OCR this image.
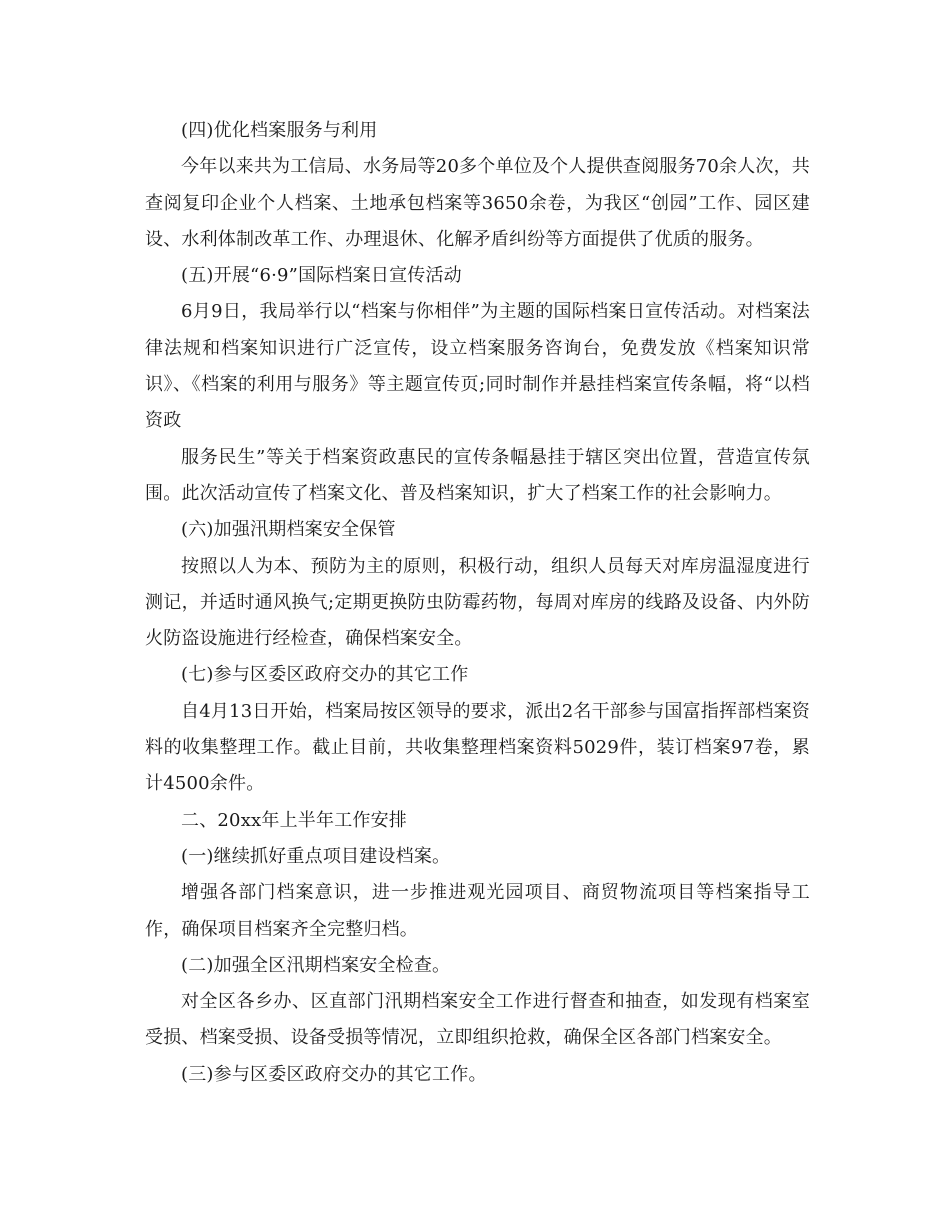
(四)优化档案服务与利用

今年以来共为工信局、水务局等20多个单位及个人提供查阅服务70余人次，共查阅复印企业个人档案、土地承包档案等3650余卷，为我区“创园”工作、园区建设、水利体制改革工作、办理退休、化解矛盾纠纷等方面提供了优质的服务。

(五)开展“6·9”国际档案日宣传活动

6月9日，我局举行以“档案与你相伴”为主题的国际档案日宣传活动。对档案法律法规和档案知识进行广泛宣传，设立档案服务咨询台，免费发放《档案知识常识》、《档案的利用与服务》等主题宣传页;同时制作并悬挂档案宣传条幅，将“以档资政

服务民生”等关于档案资政惠民的宣传条幅悬挂于辖区突出位置，营造宣传氛围。此次活动宣传了档案文化、普及档案知识，扩大了档案工作的社会影响力。

(六)加强汛期档案安全保管

按照以人为本、预防为主的原则，积极行动，组织人员每天对库房温湿度进行测记，并适时通风换气;定期更换防虫防霉药物，每周对库房的线路及设备、内外防火防盗设施进行经检查，确保档案安全。

(七)参与区委区政府交办的其它工作

自4月13日开始，档案局按区领导的要求，派出2名干部参与国富指挥部档案资料的收集整理工作。截止目前，共收集整理档案资料5029件，装订档案97卷，累计4500余件。

二、20xx年上半年工作安排

(一)继续抓好重点项目建设档案。

增强各部门档案意识，进一步推进观光园项目、商贸物流项目等档案指导工作，确保项目档案齐全完整归档。

(二)加强全区汛期档案安全检查。

对全区各乡办、区直部门汛期档案安全工作进行督查和抽查，如发现有档案室受损、档案受损、设备受损等情况，立即组织抢救，确保全区各部门档案安全。

(三)参与区委区政府交办的其它工作。
